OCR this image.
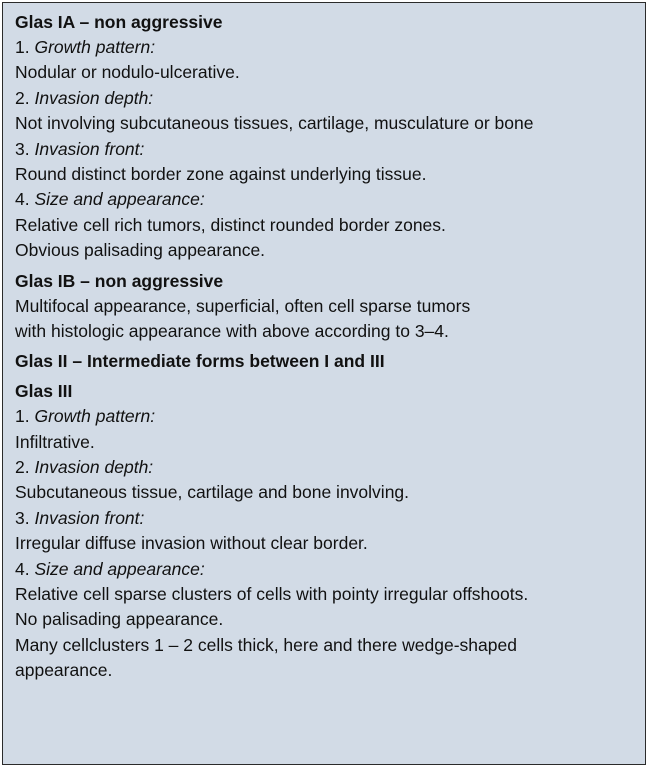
Glas IA – non aggressive
1. Growth pattern:
Nodular or nodulo-ulcerative.
2. Invasion depth:
Not involving subcutaneous tissues, cartilage, musculature or bone
3. Invasion front:
Round distinct border zone against underlying tissue.
4. Size and appearance:
Relative cell rich tumors, distinct rounded border zones.
Obvious palisading appearance.
Glas IB – non aggressive
Multifocal appearance, superficial, often cell sparse tumors
with histologic appearance with above according to 3–4.
Glas II – Intermediate forms between I and III
Glas III
1. Growth pattern:
Infiltrative.
2. Invasion depth:
Subcutaneous tissue, cartilage and bone involving.
3. Invasion front:
Irregular diffuse invasion without clear border.
4. Size and appearance:
Relative cell sparse clusters of cells with pointy irregular offshoots.
No palisading appearance.
Many cellclusters 1 – 2 cells thick, here and there wedge-shaped
appearance.
